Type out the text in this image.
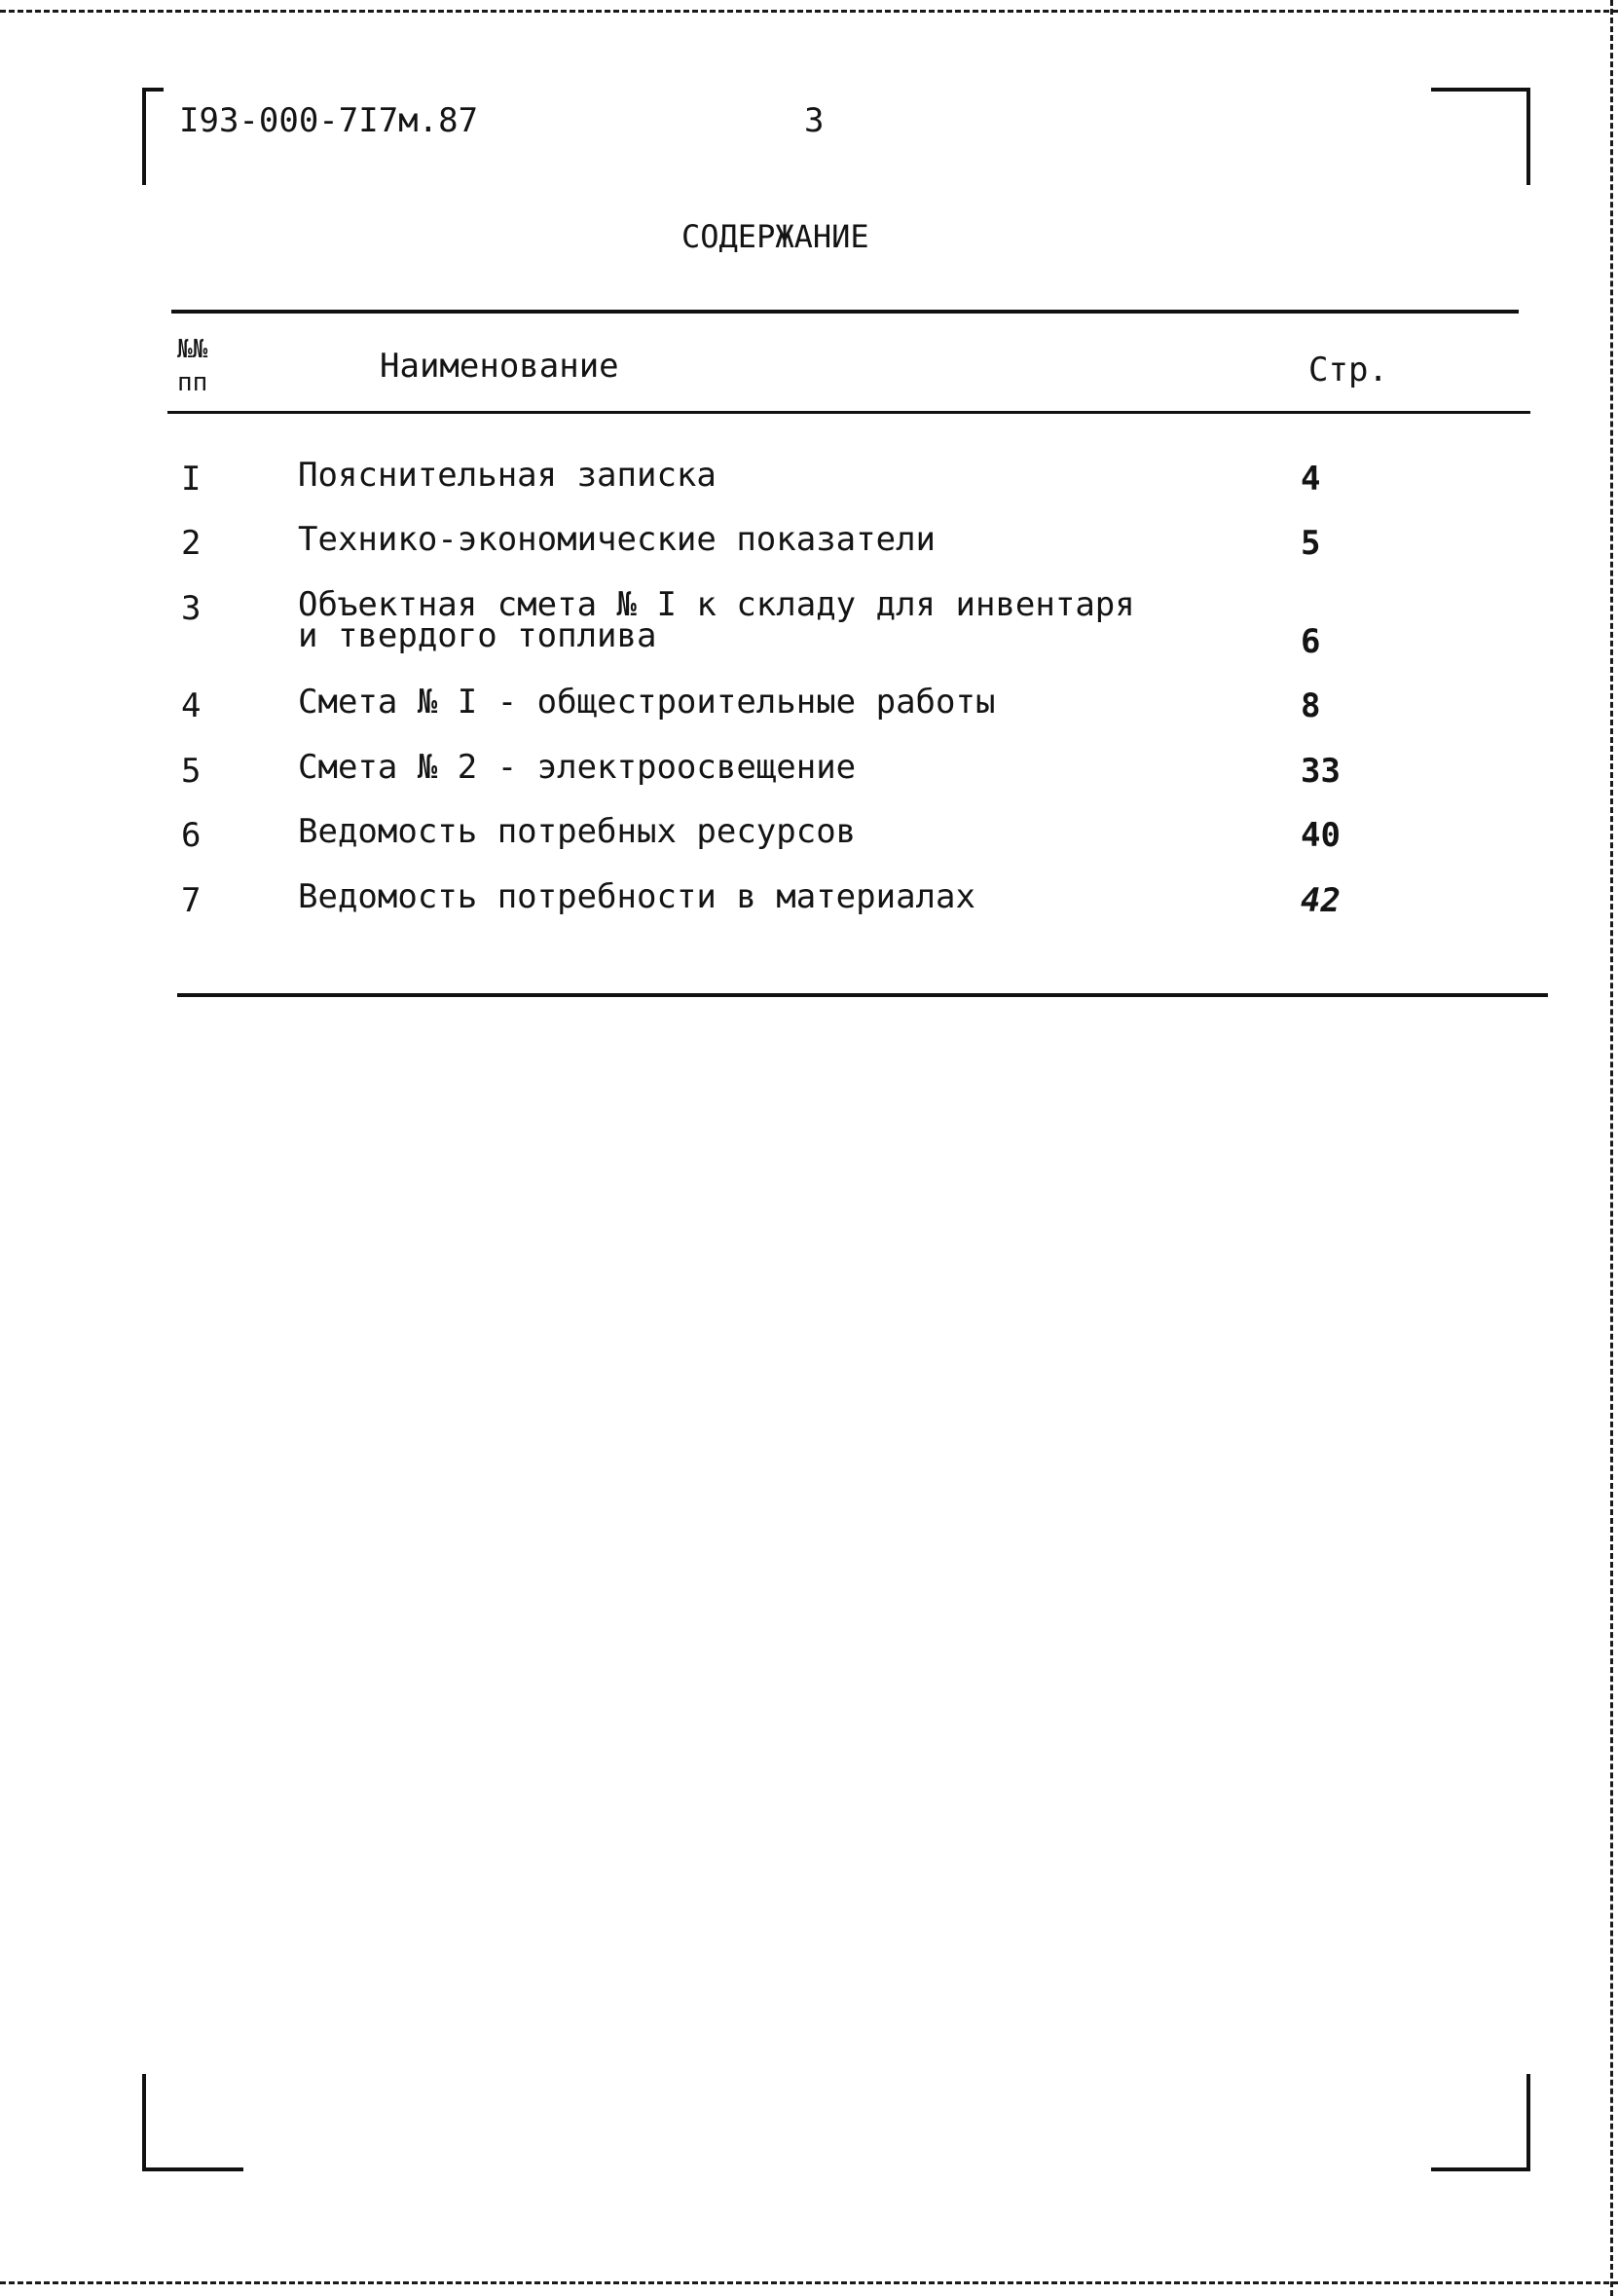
I93-000-7I7м.87	3
СОДЕРЖАНИЕ
№№
пп	Наименование	Стр.
I	Пояснительная записка	4
2	Технико-экономические показатели	5
3	Объектная смета № I к складу для инвентаря
и твердого топлива	6
4	Смета № I - общестроительные работы	8
5	Смета № 2 - электроосвещение	33
6	Ведомость потребных ресурсов	40
7	Ведомость потребности в материалах	42
